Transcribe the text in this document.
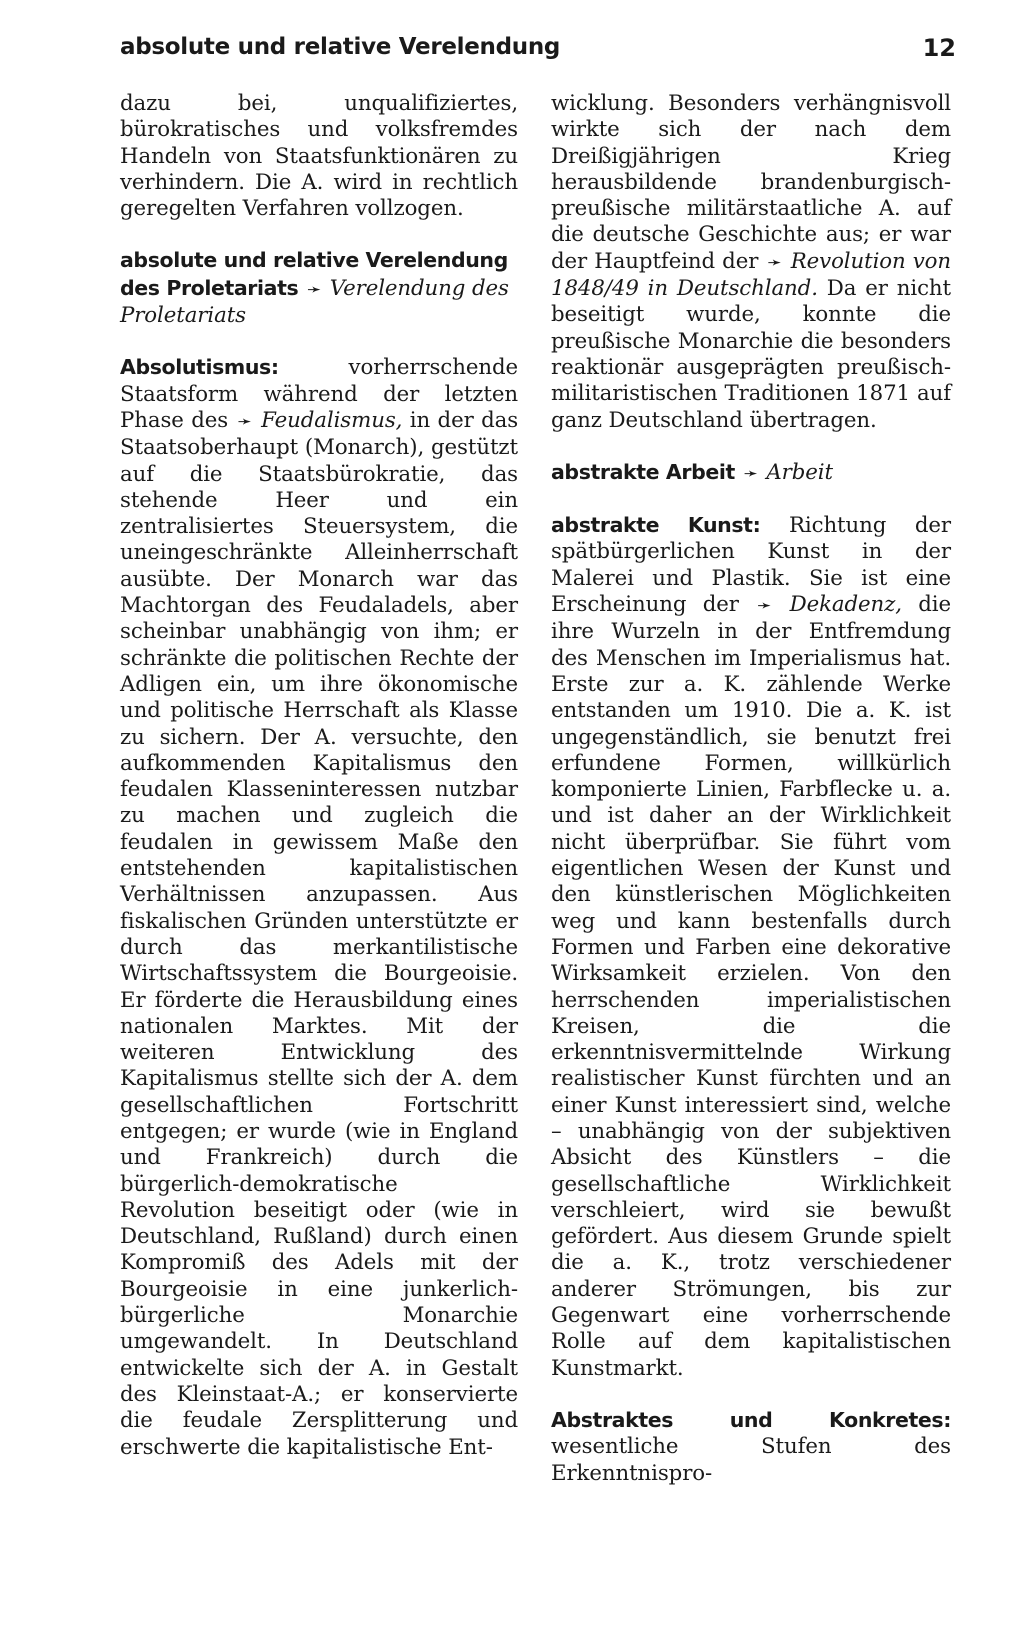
absolute und relative Verelendung	12

dazu bei, unqualifiziertes, bürokratisches und volksfremdes Handeln von Staatsfunktionären zu verhindern. Die A. wird in rechtlich geregelten Verfahren vollzogen.

absolute und relative Verelendung des Proletariats ➛ Verelendung des Proletariats

Absolutismus:	vorherrschende Staatsform während der letzten Phase des ➛ Feudalismus, in der das Staatsoberhaupt (Monarch), gestützt auf die Staatsbürokratie, das stehende Heer und ein zentralisiertes Steuersystem, die uneingeschränkte Alleinherrschaft ausübte. Der Monarch war das Machtorgan des Feudaladels, aber scheinbar unabhängig von ihm; er schränkte die politischen Rechte der Adligen ein, um ihre ökonomische und politische Herrschaft als Klasse zu sichern. Der A. versuchte, den aufkommenden Kapitalismus den feudalen Klasseninteressen nutzbar zu machen und zugleich die feudalen in gewissem Maße den entstehenden kapitalistischen Verhältnissen anzupassen. Aus fiskalischen Gründen unterstützte er durch das merkantilistische Wirtschaftssystem die Bourgeoisie. Er förderte die Herausbildung eines nationalen Marktes. Mit der weiteren Entwicklung des Kapitalismus stellte sich der A. dem gesellschaftlichen Fortschritt entgegen; er wurde (wie in England und Frankreich) durch die bürgerlich-demokratische Revolution beseitigt oder (wie in Deutschland, Rußland) durch einen Kompromiß des Adels mit der Bourgeoisie in eine junkerlich-bürgerliche Monarchie umgewandelt. In Deutschland entwickelte sich der A. in Gestalt des Kleinstaat-A.; er konservierte die feudale Zersplitterung und erschwerte die kapitalistische Ent-

wicklung. Besonders verhängnisvoll wirkte sich der nach dem Dreißigjährigen Krieg herausbildende brandenburgisch-preußische militärstaatliche A. auf die deutsche Geschichte aus; er war der Hauptfeind der ➛ Revolution von 1848/49 in Deutschland. Da er nicht beseitigt wurde, konnte die preußische Monarchie die besonders reaktionär ausgeprägten preußisch-militaristischen Traditionen 1871 auf ganz Deutschland übertragen.

abstrakte Arbeit ➛ Arbeit

abstrakte Kunst: Richtung der spätbürgerlichen Kunst in der Malerei und Plastik. Sie ist eine Erscheinung der ➛ Dekadenz, die ihre Wurzeln in der Entfremdung des Menschen im Imperialismus hat. Erste zur a. K. zählende Werke entstanden um 1910. Die a. K. ist ungegenständlich, sie benutzt frei erfundene Formen, willkürlich komponierte Linien, Farbflecke u. a. und ist daher an der Wirklichkeit nicht überprüfbar. Sie führt vom eigentlichen Wesen der Kunst und den künstlerischen Möglichkeiten weg und kann bestenfalls durch Formen und Farben eine dekorative Wirksamkeit erzielen. Von den herrschenden imperialistischen Kreisen, die die erkenntnisvermittelnde Wirkung realistischer Kunst fürchten und an einer Kunst interessiert sind, welche – unabhängig von der subjektiven Absicht des Künstlers – die gesellschaftliche Wirklichkeit verschleiert, wird sie bewußt gefördert. Aus diesem Grunde spielt die a. K., trotz verschiedener anderer Strömungen, bis zur Gegenwart eine vorherrschende Rolle auf dem kapitalistischen Kunstmarkt.

Abstraktes und Konkretes: wesentliche Stufen des Erkenntnispro-
